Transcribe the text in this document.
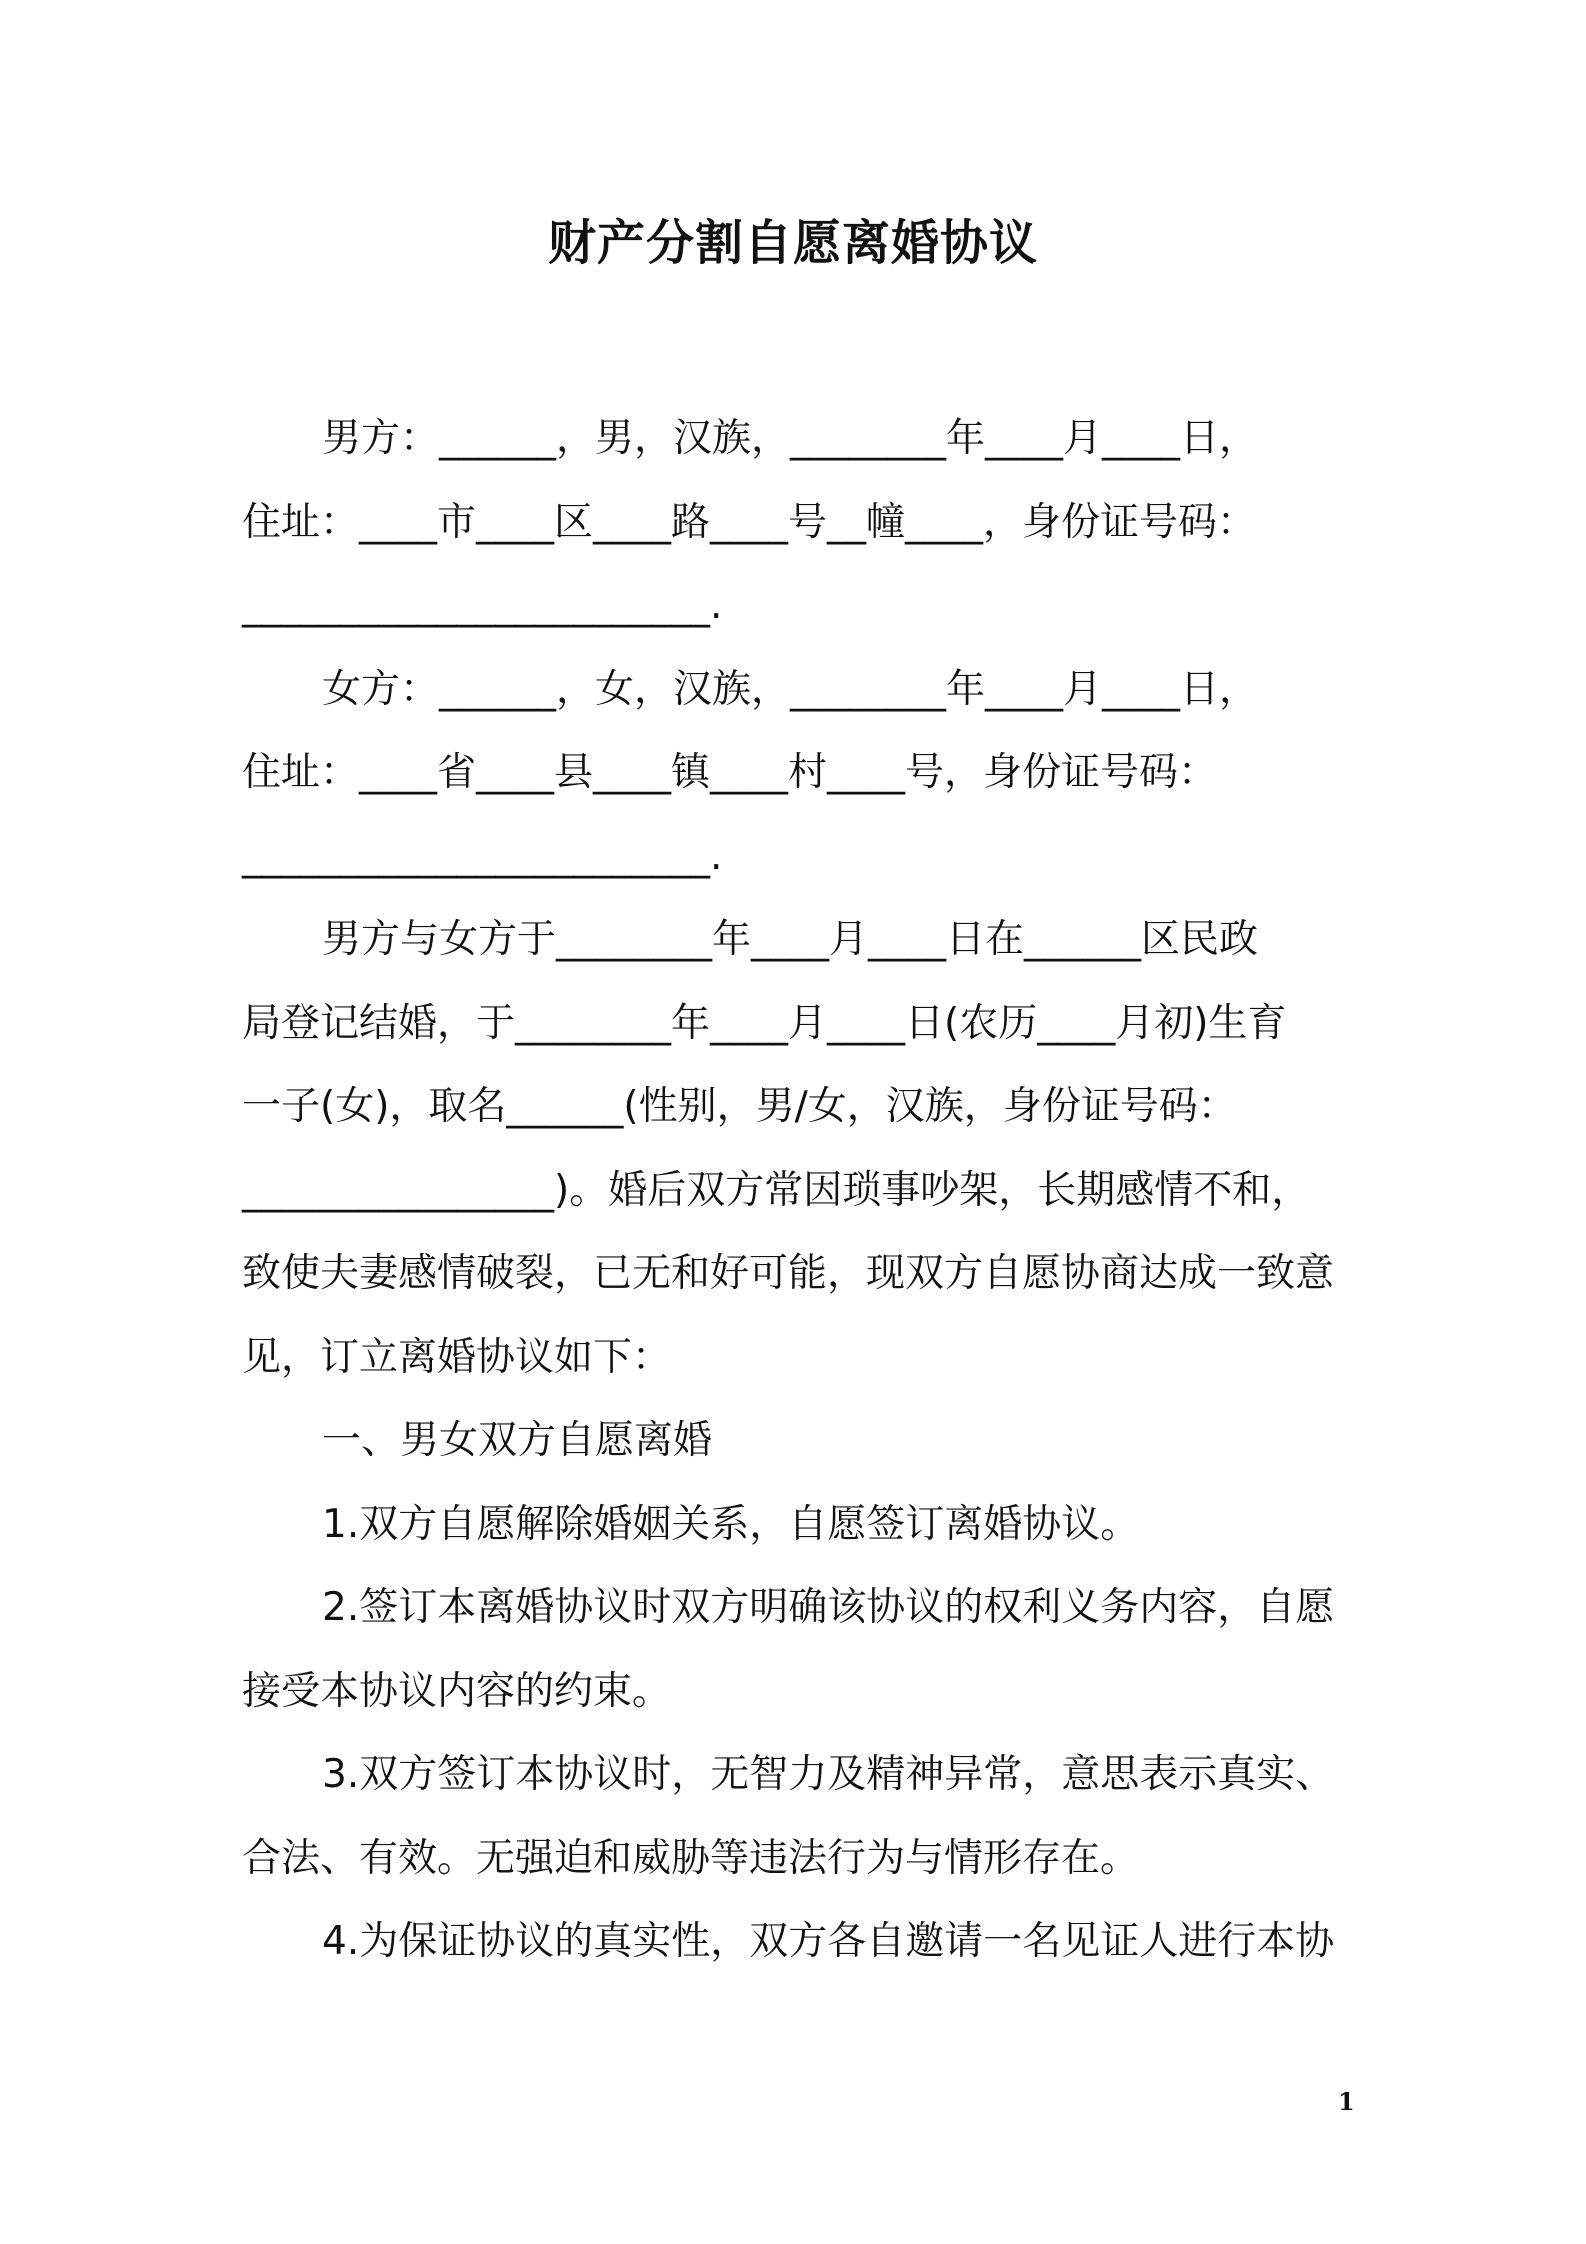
财产分割自愿离婚协议
男方：______，男，汉族，________年____月____日，
住址：____市____区____路____号__幢____，身份证号码：
________________________.
女方：______，女，汉族，________年____月____日，
住址：____省____县____镇____村____号，身份证号码：
________________________.
男方与女方于________年____月____日在______区民政
局登记结婚，于________年____月____日(农历____月初)生育
一子(女)，取名______(性别，男/女，汉族，身份证号码：
________________)。婚后双方常因琐事吵架，长期感情不和，
致使夫妻感情破裂，已无和好可能，现双方自愿协商达成一致意
见，订立离婚协议如下：
一、男女双方自愿离婚
1.双方自愿解除婚姻关系，自愿签订离婚协议。
2.签订本离婚协议时双方明确该协议的权利义务内容，自愿
接受本协议内容的约束。
3.双方签订本协议时，无智力及精神异常，意思表示真实、
合法、有效。无强迫和威胁等违法行为与情形存在。
4.为保证协议的真实性，双方各自邀请一名见证人进行本协
1
